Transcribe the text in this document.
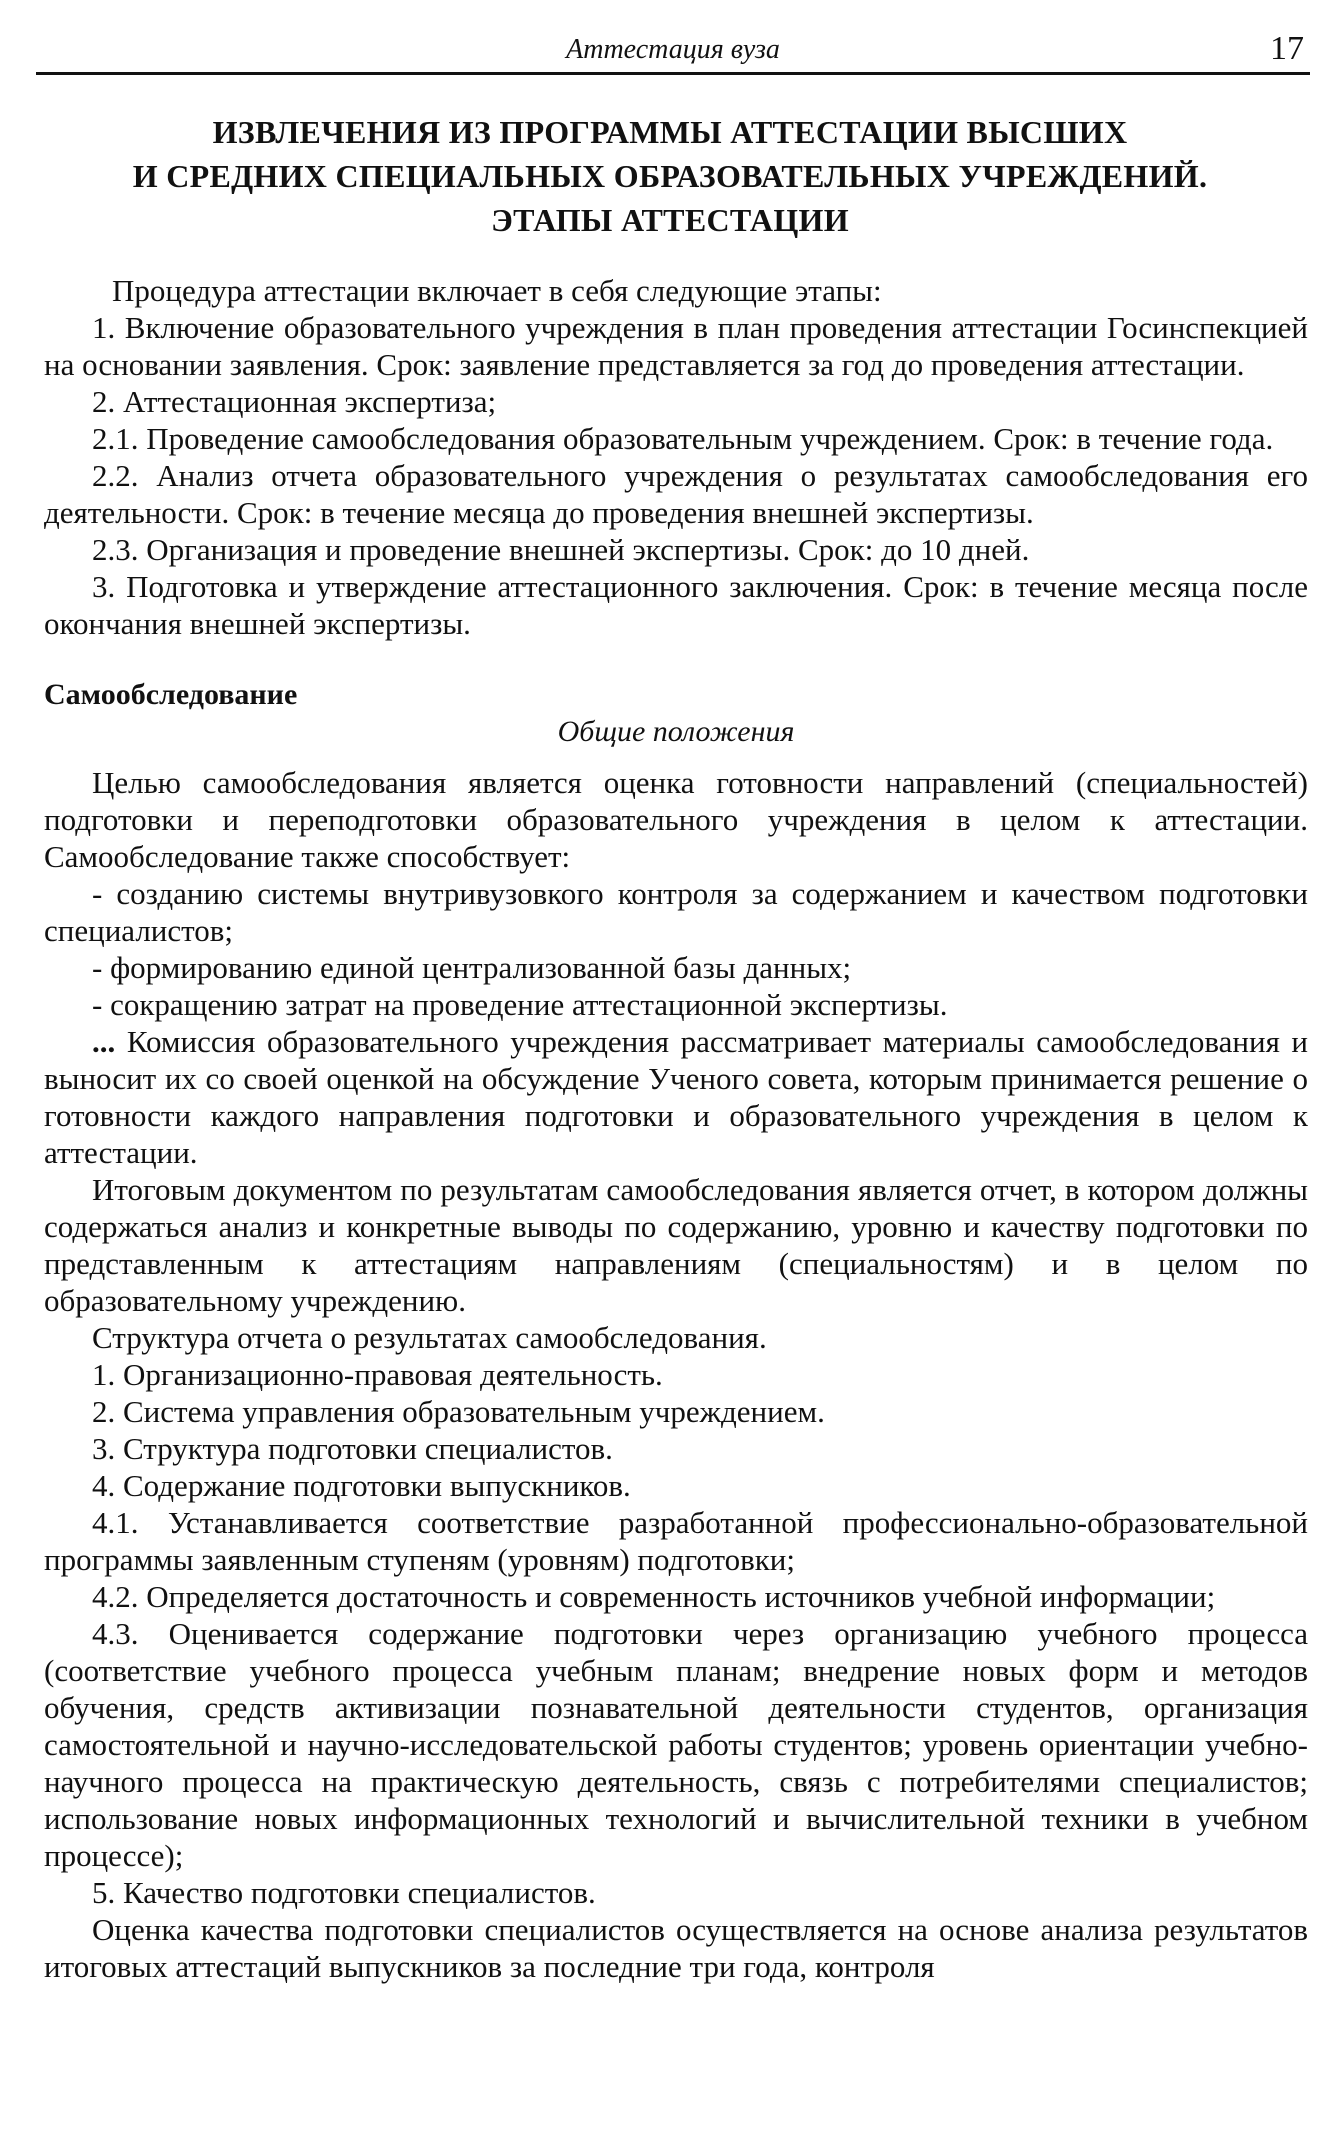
Аттестация вуза	17
ИЗВЛЕЧЕНИЯ ИЗ ПРОГРАММЫ АТТЕСТАЦИИ ВЫСШИХ
И СРЕДНИХ СПЕЦИАЛЬНЫХ ОБРАЗОВАТЕЛЬНЫХ УЧРЕЖДЕНИЙ.
ЭТАПЫ АТТЕСТАЦИИ

Процедура аттестации включает в себя следующие этапы:

1. Включение образовательного учреждения в план проведения аттестации Госинспекцией на основании заявления. Срок: заявление представляется за год до проведения аттестации.

2. Аттестационная экспертиза;

2.1. Проведение самообследования образовательным учреждением. Срок: в течение года.

2.2. Анализ отчета образовательного учреждения о результатах самообследования его деятельности. Срок: в течение месяца до проведения внешней экспертизы.

2.3. Организация и проведение внешней экспертизы. Срок: до 10 дней.

3. Подготовка и утверждение аттестационного заключения. Срок: в течение месяца после окончания внешней экспертизы.

Самообследование

Общие положения

Целью самообследования является оценка готовности направлений (специальностей) подготовки и переподготовки образовательного учреждения в целом к аттестации. Самообследование также способствует:

- созданию системы внутривузовкого контроля за содержанием и качеством подготовки специалистов;

- формированию единой централизованной базы данных;

- сокращению затрат на проведение аттестационной экспертизы.

... Комиссия образовательного учреждения рассматривает материалы самообследования и выносит их со своей оценкой на обсуждение Ученого совета, которым принимается решение о готовности каждого направления подготовки и образовательного учреждения в целом к аттестации.

Итоговым документом по результатам самообследования является отчет, в котором должны содержаться анализ и конкретные выводы по содержанию, уровню и качеству подготовки по представленным к аттестациям направлениям (специальностям) и в целом по образовательному учреждению.

Структура отчета о результатах самообследования.

1. Организационно-правовая деятельность.

2. Система управления образовательным учреждением.

3. Структура подготовки специалистов.

4. Содержание подготовки выпускников.

4.1. Устанавливается соответствие разработанной профессионально-образовательной программы заявленным ступеням (уровням) подготовки;

4.2. Определяется достаточность и современность источников учебной информации;

4.3. Оценивается содержание подготовки через организацию учебного процесса (соответствие учебного процесса учебным планам; внедрение новых форм и методов обучения, средств активизации познавательной деятельности студентов, организация самостоятельной и научно-исследовательской работы студентов; уровень ориентации учебно-научного процесса на практическую деятельность, связь с потребителями специалистов; использование новых информационных технологий и вычислительной техники в учебном процессе);

5. Качество подготовки специалистов.

Оценка качества подготовки специалистов осуществляется на основе анализа результатов итоговых аттестаций выпускников за последние три года, контроля
